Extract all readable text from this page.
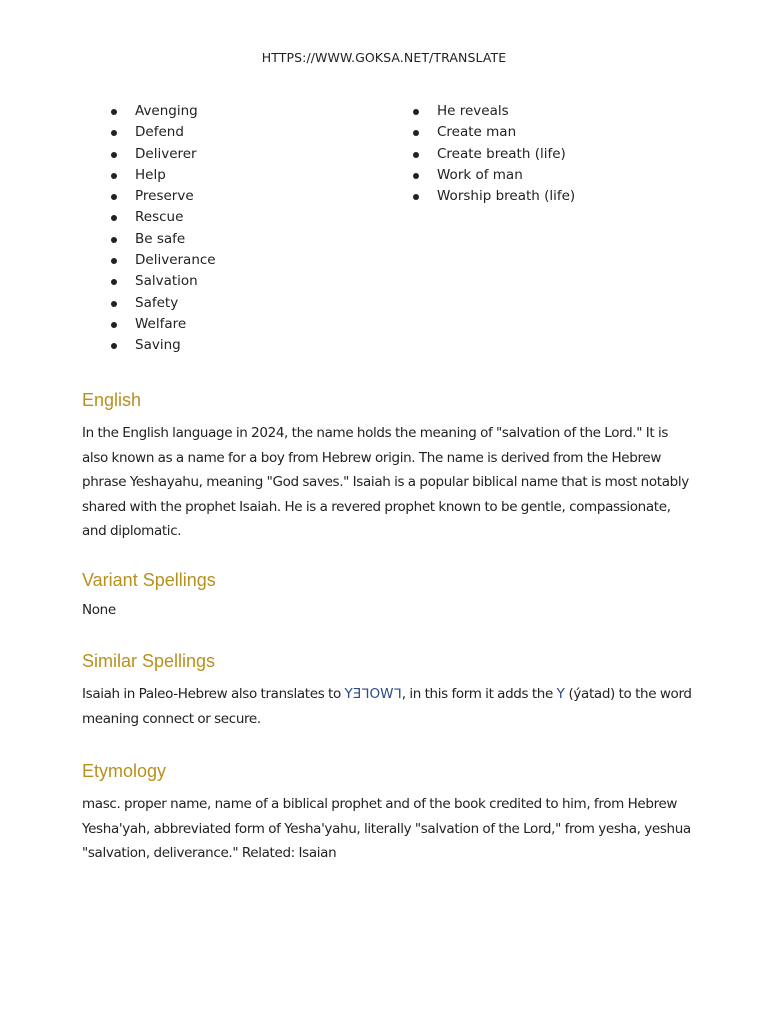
HTTPS://WWW.GOKSA.NET/TRANSLATE
Avenging
Defend
Deliverer
Help
Preserve
Rescue
Be safe
Deliverance
Salvation
Safety
Welfare
Saving
He reveals
Create man
Create breath (life)
Work of man
Worship breath (life)
English

In the English language in 2024, the name holds the meaning of "salvation of the Lord." It is also known as a name for a boy from Hebrew origin. The name is derived from the Hebrew phrase Yeshayahu, meaning "God saves." Isaiah is a popular biblical name that is most notably shared with the prophet Isaiah. He is a revered prophet known to be gentle, compassionate, and diplomatic.

Variant Spellings

None

Similar Spellings

Isaiah in Paleo-Hebrew also translates to YƎᒣOWᒣ, in this form it adds the Y (ýatad) to the word meaning connect or secure.

Etymology

masc. proper name, name of a biblical prophet and of the book credited to him, from Hebrew Yesha'yah, abbreviated form of Yesha'yahu, literally "salvation of the Lord," from yesha, yeshua "salvation, deliverance." Related: Isaian
